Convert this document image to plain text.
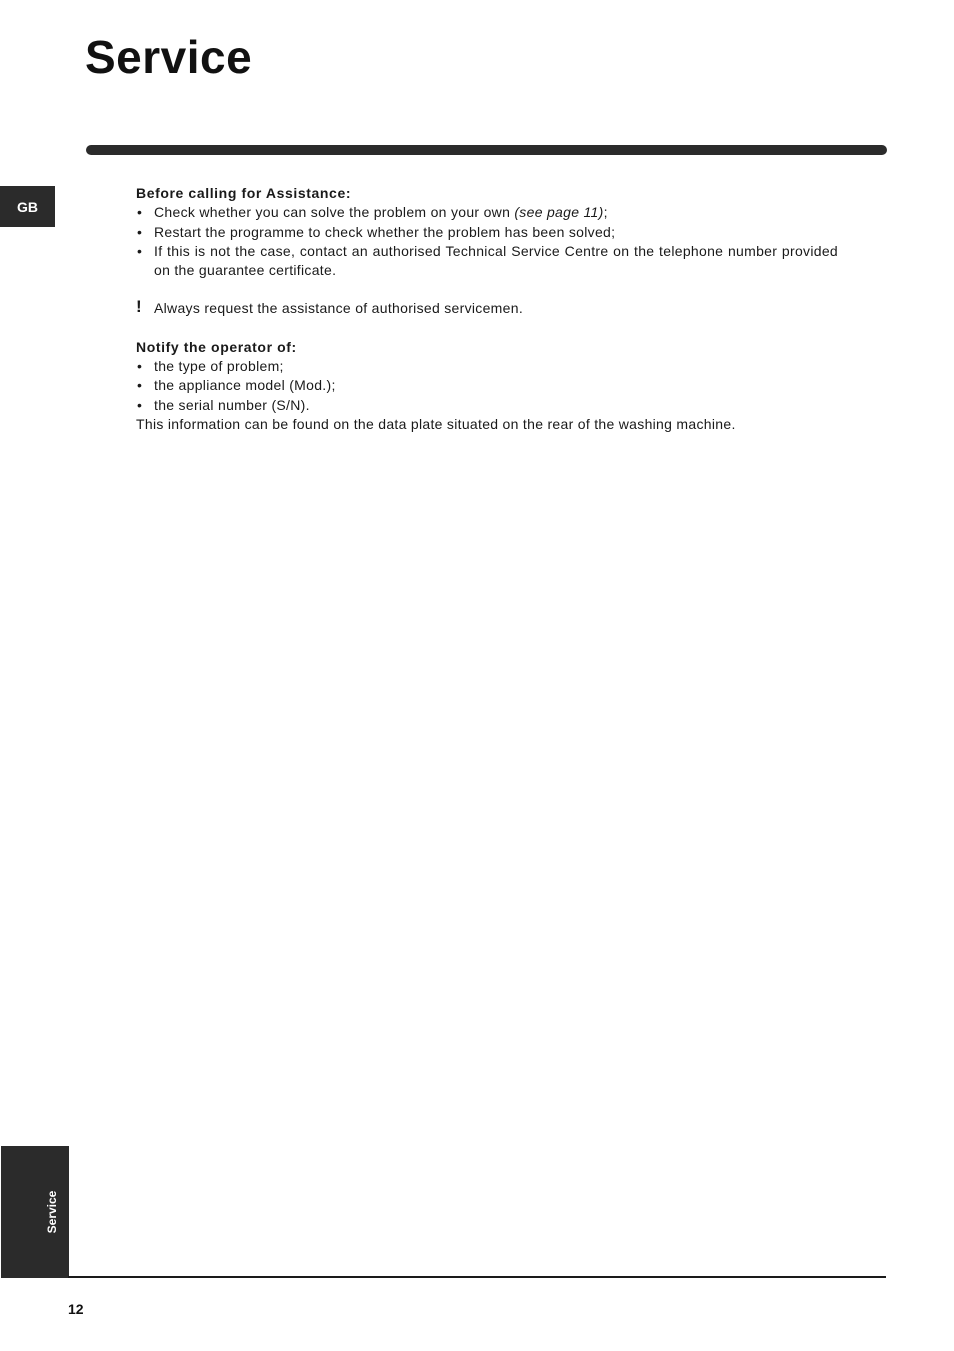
Service
GB

Before calling for Assistance:

• Check whether you can solve the problem on your own (see page 11);
• Restart the programme to check whether the problem has been solved;
• If this is not the case, contact an authorised Technical Service Centre on the telephone number provided on the guarantee certificate.
! Always request the assistance of authorised servicemen.

Notify the operator of:

• the type of problem;
• the appliance model (Mod.);
• the serial number (S/N).

This information can be found on the data plate situated on the rear of the washing machine.

Service
12
